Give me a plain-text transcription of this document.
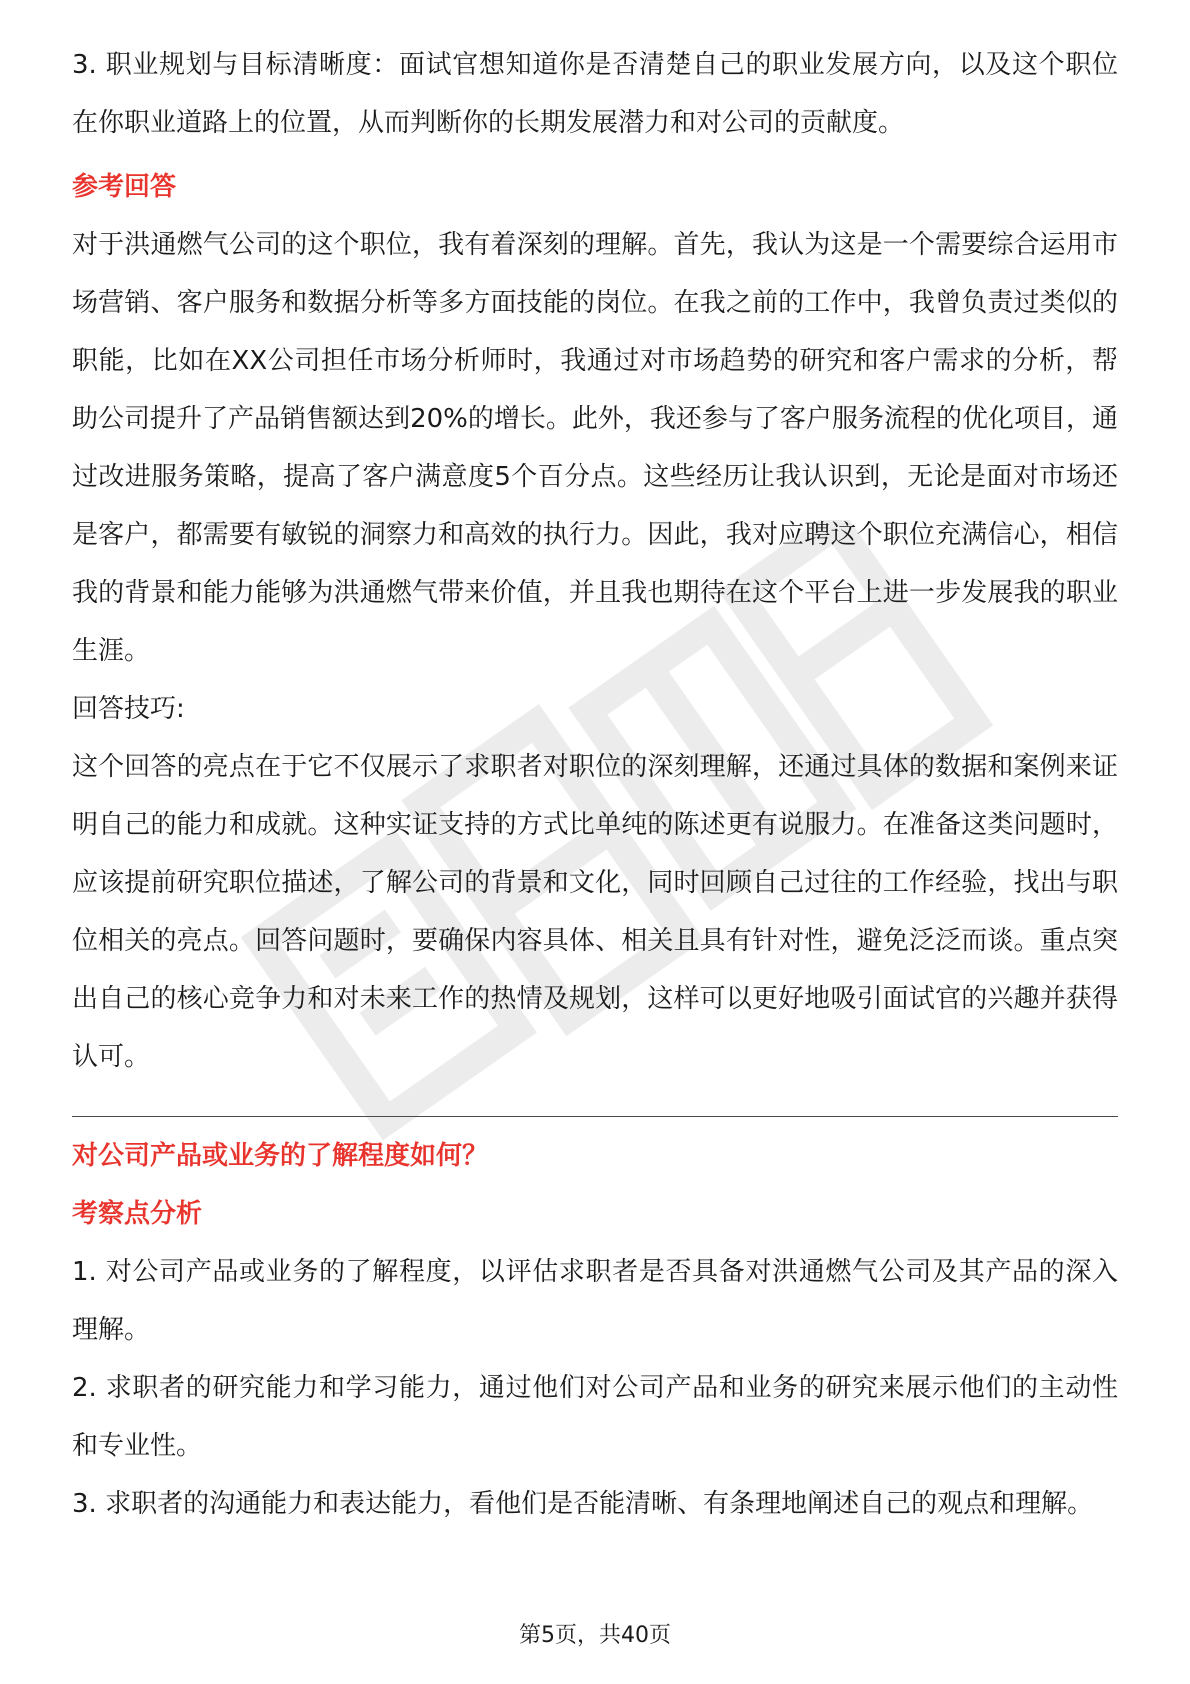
3. 职业规划与目标清晰度：面试官想知道你是否清楚自己的职业发展方向，以及这个职位在你职业道路上的位置，从而判断你的长期发展潜力和对公司的贡献度。

参考回答

对于洪通燃气公司的这个职位，我有着深刻的理解。首先，我认为这是一个需要综合运用市场营销、客户服务和数据分析等多方面技能的岗位。在我之前的工作中，我曾负责过类似的职能，比如在XX公司担任市场分析师时，我通过对市场趋势的研究和客户需求的分析，帮助公司提升了产品销售额达到20%的增长。此外，我还参与了客户服务流程的优化项目，通过改进服务策略，提高了客户满意度5个百分点。这些经历让我认识到，无论是面对市场还是客户，都需要有敏锐的洞察力和高效的执行力。因此，我对应聘这个职位充满信心，相信我的背景和能力能够为洪通燃气带来价值，并且我也期待在这个平台上进一步发展我的职业生涯。

回答技巧:

这个回答的亮点在于它不仅展示了求职者对职位的深刻理解，还通过具体的数据和案例来证明自己的能力和成就。这种实证支持的方式比单纯的陈述更有说服力。在准备这类问题时，应该提前研究职位描述，了解公司的背景和文化，同时回顾自己过往的工作经验，找出与职位相关的亮点。回答问题时，要确保内容具体、相关且具有针对性，避免泛泛而谈。重点突出自己的核心竞争力和对未来工作的热情及规划，这样可以更好地吸引面试官的兴趣并获得认可。

对公司产品或业务的了解程度如何？

考察点分析

1. 对公司产品或业务的了解程度，以评估求职者是否具备对洪通燃气公司及其产品的深入理解。

2. 求职者的研究能力和学习能力，通过他们对公司产品和业务的研究来展示他们的主动性和专业性。

3. 求职者的沟通能力和表达能力，看他们是否能清晰、有条理地阐述自己的观点和理解。

第5页，共40页
